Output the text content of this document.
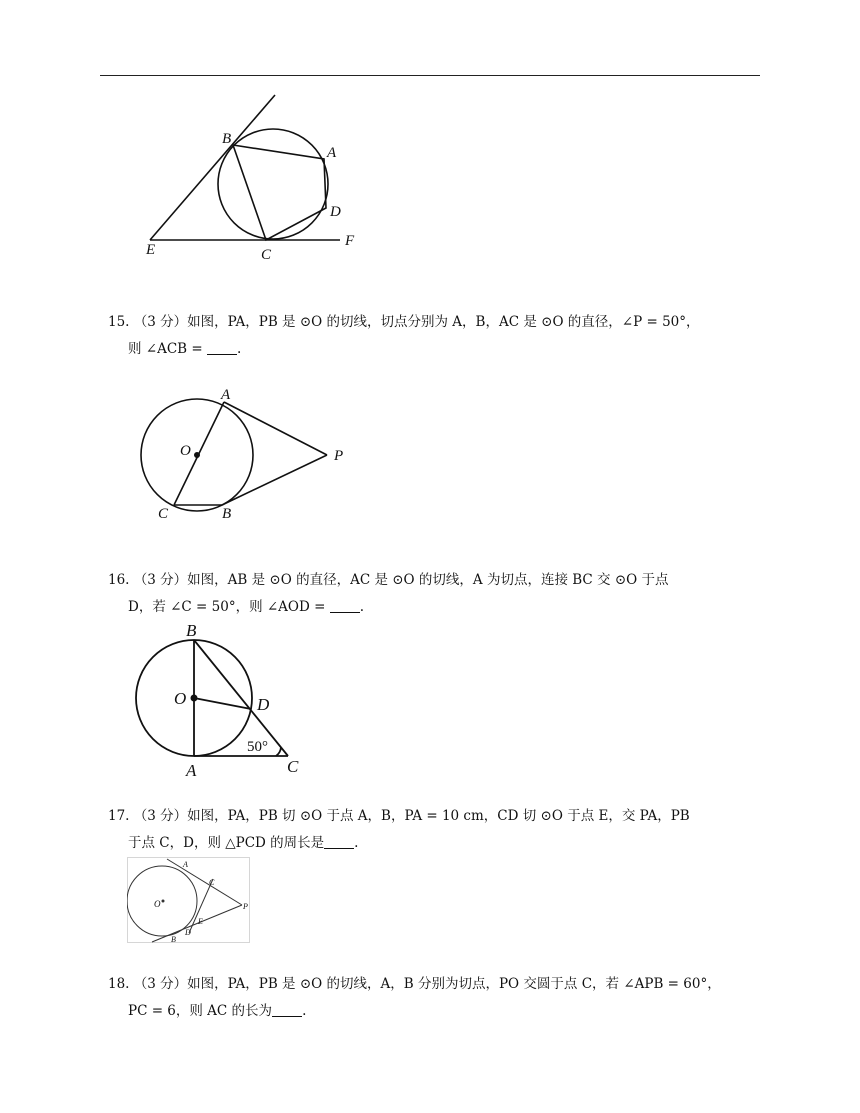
B
A
D
E	C
F
15. （3 分）如图，PA，PB 是 ⊙O 的切线，切点分别为 A，B，AC 是 ⊙O 的直径，∠P = 50°，
则 ∠ACB = .
A
O	P
C	B
16. （3 分）如图，AB 是 ⊙O 的直径，AC 是 ⊙O 的切线，A 为切点，连接 BC 交 ⊙O 于点
D，若 ∠C = 50°，则 ∠AOD = .
B
O	D
A	C
50°
17. （3 分）如图，PA，PB 切 ⊙O 于点 A，B，PA = 10 cm，CD 切 ⊙O 于点 E，交 PA，PB
于点 C，D，则 △PCD 的周长是 .
A
C
O
E
P
D
B
18. （3 分）如图，PA，PB 是 ⊙O 的切线，A，B 分别为切点，PO 交圆于点 C，若 ∠APB = 60°，
PC = 6，则 AC 的长为 .
